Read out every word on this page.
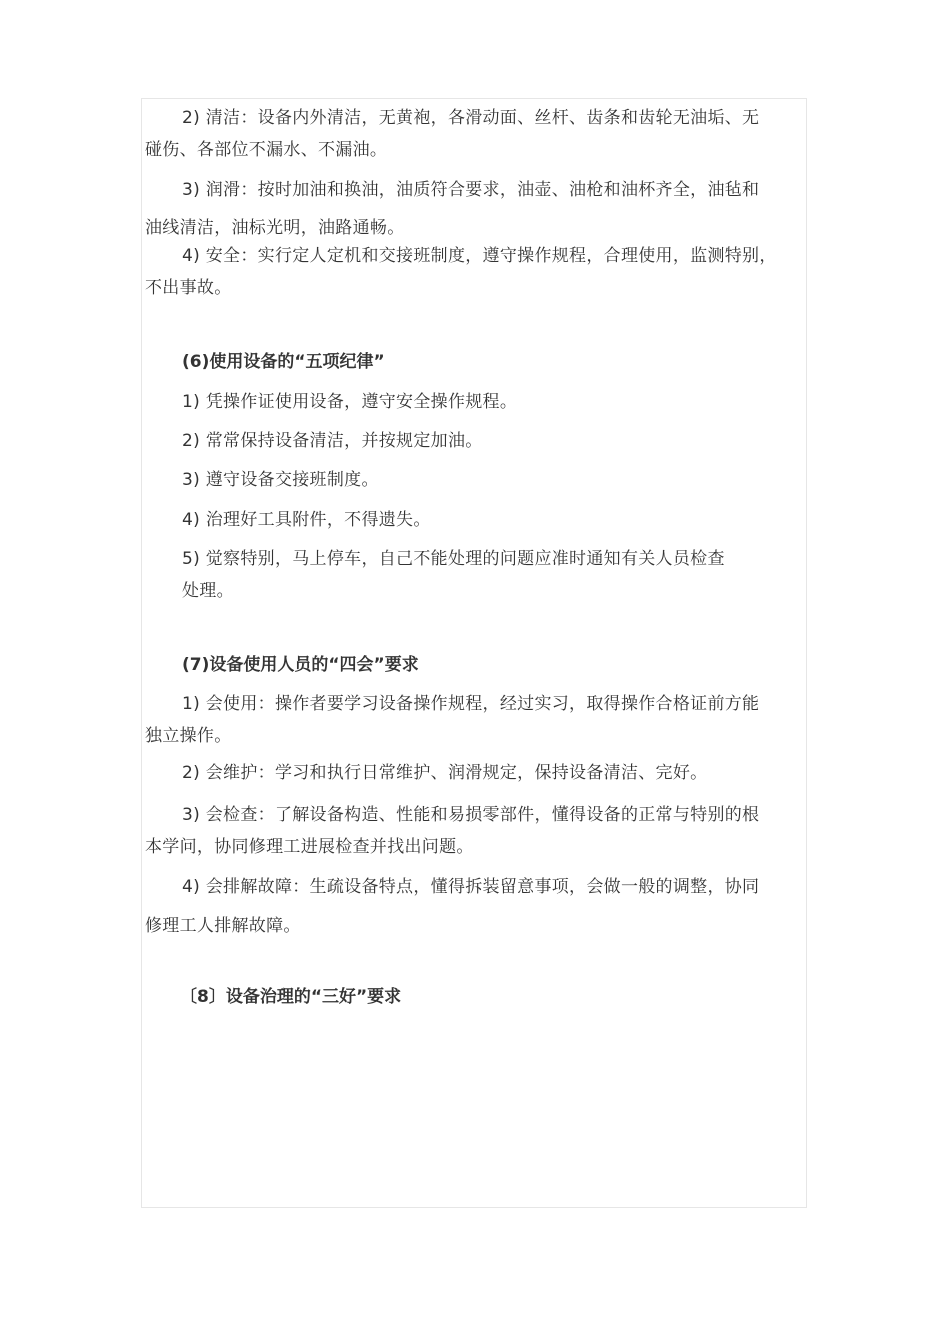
2) 清洁：设备内外清洁，无黄袍，各滑动面、丝杆、齿条和齿轮无油垢、无
碰伤、各部位不漏水、不漏油。
3) 润滑：按时加油和换油，油质符合要求，油壶、油枪和油杯齐全，油毡和
油线清洁，油标光明，油路通畅。
4) 安全：实行定人定机和交接班制度，遵守操作规程，合理使用，监测特别，
不出事故。
(6)使用设备的“五项纪律”
1) 凭操作证使用设备，遵守安全操作规程。
2) 常常保持设备清洁，并按规定加油。
3) 遵守设备交接班制度。
4) 治理好工具附件，不得遗失。
5) 觉察特别，马上停车，自己不能处理的问题应准时通知有关人员检查
处理。
(7)设备使用人员的“四会”要求
1) 会使用：操作者要学习设备操作规程，经过实习，取得操作合格证前方能
独立操作。
2) 会维护：学习和执行日常维护、润滑规定，保持设备清洁、完好。
3) 会检查：了解设备构造、性能和易损零部件，懂得设备的正常与特别的根
本学问，协同修理工进展检查并找出问题。
4) 会排解故障：生疏设备特点，懂得拆装留意事项，会做一般的调整，协同
修理工人排解故障。
〔8〕设备治理的“三好”要求
